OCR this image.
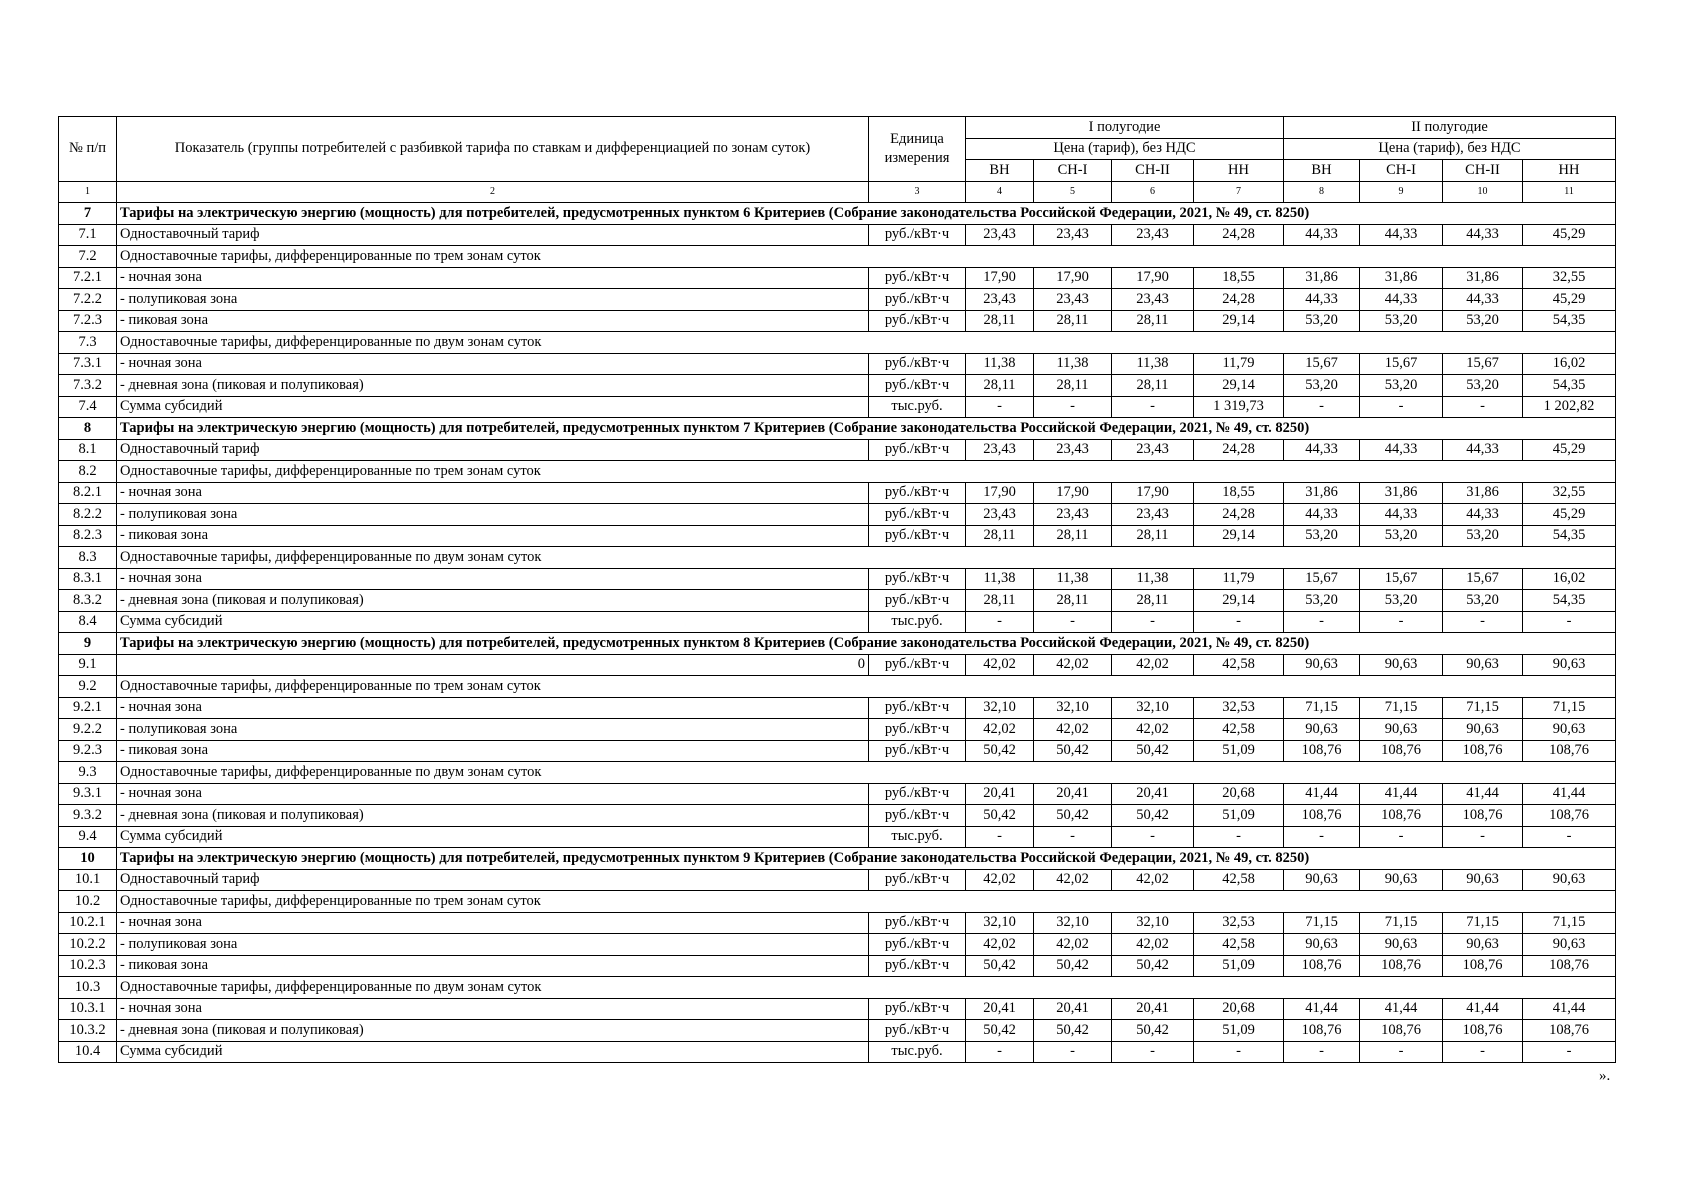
№ п/п	Показатель (группы потребителей с разбивкой тарифа по ставкам и дифференциацией по зонам суток)	Единица измерения	I полугодие				II полугодие			
			Цена (тариф), без НДС				Цена (тариф), без НДС			
			ВН	СН-I	СН-II	НН	ВН	СН-I	СН-II	НН
1	2	3	4	5	6	7	8	9	10	11
7	Тарифы на электрическую энергию (мощность) для потребителей, предусмотренных пунктом 6 Критериев (Собрание законодательства Российской Федерации, 2021, № 49, ст. 8250)									
7.1	Одноставочный тариф	руб./кВт·ч	23,43	23,43	23,43	24,28	44,33	44,33	44,33	45,29
7.2	Одноставочные тарифы, дифференцированные по трем зонам суток									
7.2.1	- ночная зона	руб./кВт·ч	17,90	17,90	17,90	18,55	31,86	31,86	31,86	32,55
7.2.2	- полупиковая зона	руб./кВт·ч	23,43	23,43	23,43	24,28	44,33	44,33	44,33	45,29
7.2.3	- пиковая зона	руб./кВт·ч	28,11	28,11	28,11	29,14	53,20	53,20	53,20	54,35
7.3	Одноставочные тарифы, дифференцированные по двум зонам суток									
7.3.1	- ночная зона	руб./кВт·ч	11,38	11,38	11,38	11,79	15,67	15,67	15,67	16,02
7.3.2	- дневная зона (пиковая и полупиковая)	руб./кВт·ч	28,11	28,11	28,11	29,14	53,20	53,20	53,20	54,35
7.4	Сумма субсидий	тыс.руб.	-	-	-	1 319,73	-	-	-	1 202,82
8	Тарифы на электрическую энергию (мощность) для потребителей, предусмотренных пунктом 7 Критериев (Собрание законодательства Российской Федерации, 2021, № 49, ст. 8250)									
8.1	Одноставочный тариф	руб./кВт·ч	23,43	23,43	23,43	24,28	44,33	44,33	44,33	45,29
8.2	Одноставочные тарифы, дифференцированные по трем зонам суток									
8.2.1	- ночная зона	руб./кВт·ч	17,90	17,90	17,90	18,55	31,86	31,86	31,86	32,55
8.2.2	- полупиковая зона	руб./кВт·ч	23,43	23,43	23,43	24,28	44,33	44,33	44,33	45,29
8.2.3	- пиковая зона	руб./кВт·ч	28,11	28,11	28,11	29,14	53,20	53,20	53,20	54,35
8.3	Одноставочные тарифы, дифференцированные по двум зонам суток									
8.3.1	- ночная зона	руб./кВт·ч	11,38	11,38	11,38	11,79	15,67	15,67	15,67	16,02
8.3.2	- дневная зона (пиковая и полупиковая)	руб./кВт·ч	28,11	28,11	28,11	29,14	53,20	53,20	53,20	54,35
8.4	Сумма субсидий	тыс.руб.	-	-	-	-	-	-	-	-
9	Тарифы на электрическую энергию (мощность) для потребителей, предусмотренных пунктом 8 Критериев (Собрание законодательства Российской Федерации, 2021, № 49, ст. 8250)									
9.1	0	руб./кВт·ч	42,02	42,02	42,02	42,58	90,63	90,63	90,63	90,63
9.2	Одноставочные тарифы, дифференцированные по трем зонам суток									
9.2.1	- ночная зона	руб./кВт·ч	32,10	32,10	32,10	32,53	71,15	71,15	71,15	71,15
9.2.2	- полупиковая зона	руб./кВт·ч	42,02	42,02	42,02	42,58	90,63	90,63	90,63	90,63
9.2.3	- пиковая зона	руб./кВт·ч	50,42	50,42	50,42	51,09	108,76	108,76	108,76	108,76
9.3	Одноставочные тарифы, дифференцированные по двум зонам суток									
9.3.1	- ночная зона	руб./кВт·ч	20,41	20,41	20,41	20,68	41,44	41,44	41,44	41,44
9.3.2	- дневная зона (пиковая и полупиковая)	руб./кВт·ч	50,42	50,42	50,42	51,09	108,76	108,76	108,76	108,76
9.4	Сумма субсидий	тыс.руб.	-	-	-	-	-	-	-	-
10	Тарифы на электрическую энергию (мощность) для потребителей, предусмотренных пунктом 9 Критериев (Собрание законодательства Российской Федерации, 2021, № 49, ст. 8250)									
10.1	Одноставочный тариф	руб./кВт·ч	42,02	42,02	42,02	42,58	90,63	90,63	90,63	90,63
10.2	Одноставочные тарифы, дифференцированные по трем зонам суток									
10.2.1	- ночная зона	руб./кВт·ч	32,10	32,10	32,10	32,53	71,15	71,15	71,15	71,15
10.2.2	- полупиковая зона	руб./кВт·ч	42,02	42,02	42,02	42,58	90,63	90,63	90,63	90,63
10.2.3	- пиковая зона	руб./кВт·ч	50,42	50,42	50,42	51,09	108,76	108,76	108,76	108,76
10.3	Одноставочные тарифы, дифференцированные по двум зонам суток									
10.3.1	- ночная зона	руб./кВт·ч	20,41	20,41	20,41	20,68	41,44	41,44	41,44	41,44
10.3.2	- дневная зона (пиковая и полупиковая)	руб./кВт·ч	50,42	50,42	50,42	51,09	108,76	108,76	108,76	108,76
10.4	Сумма субсидий	тыс.руб.	-	-	-	-	-	-	-	-
».
